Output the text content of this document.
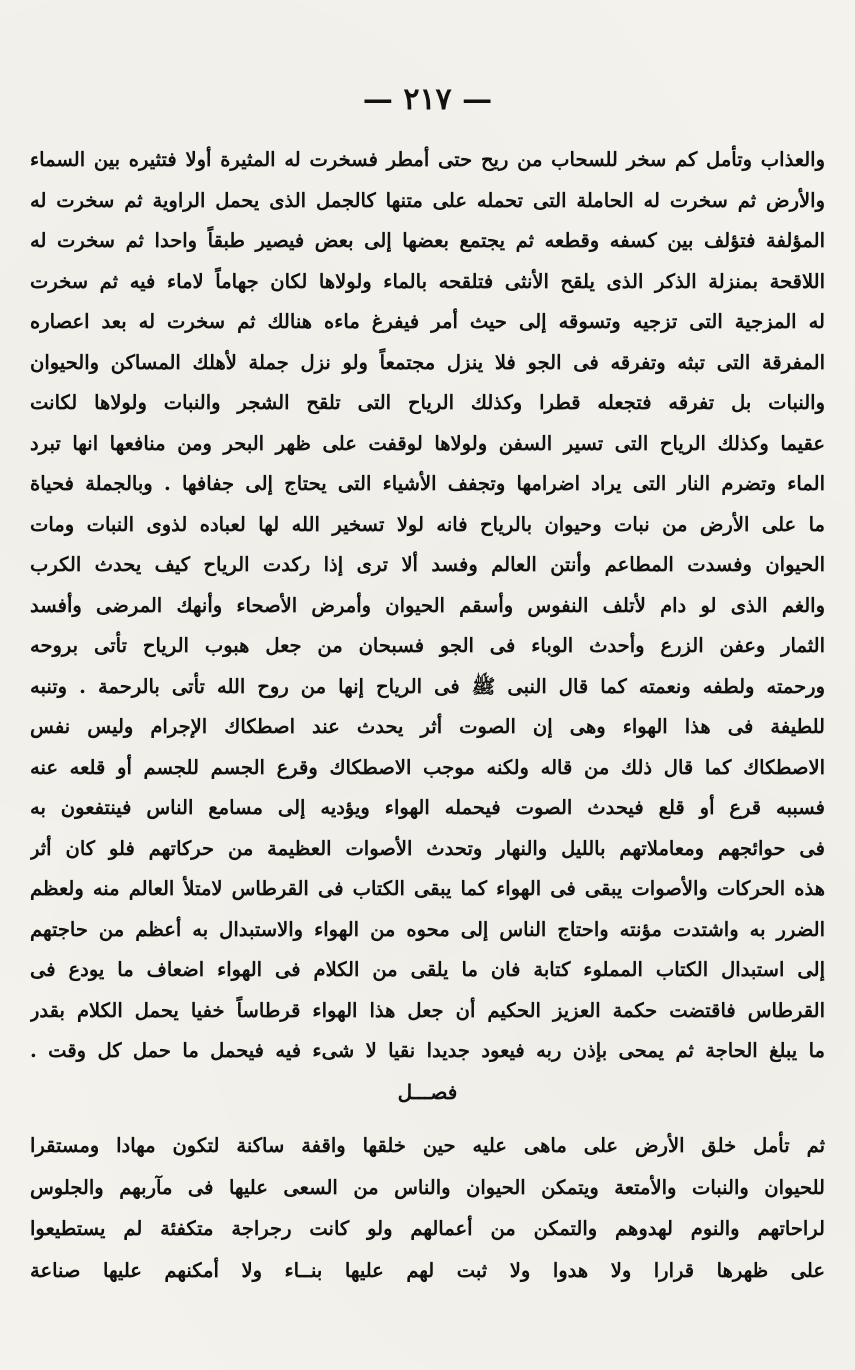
— ٢١٧ —
والعذاب وتأمل كم سخر للسحاب من ريح حتى أمطر فسخرت له المثيرة أولا فتثيره بين السماء
والأرض ثم سخرت له الحاملة التى تحمله على متنها كالجمل الذى يحمل الراوية ثم سخرت له
المؤلفة فتؤلف بين كسفه وقطعه ثم يجتمع بعضها إلى بعض فيصير طبقاً واحدا ثم سخرت له
اللاقحة بمنزلة الذكر الذى يلقح الأنثى فتلقحه بالماء ولولاها لكان جهاماً لاماء فيه ثم سخرت
له المزجية التى تزجيه وتسوقه إلى حيث أمر فيفرغ ماءه هنالك ثم سخرت له بعد اعصاره
المفرقة التى تبثه وتفرقه فى الجو فلا ينزل مجتمعاً ولو نزل جملة لأهلك المساكن والحيوان
والنبات بل تفرقه فتجعله قطرا وكذلك الرياح التى تلقح الشجر والنبات ولولاها لكانت
عقيما وكذلك الرياح التى تسير السفن ولولاها لوقفت على ظهر البحر ومن منافعها انها تبرد
الماء وتضرم النار التى يراد اضرامها وتجفف الأشياء التى يحتاج إلى جفافها . وبالجملة فحياة
ما على الأرض من نبات وحيوان بالرياح فانه لولا تسخير الله لها لعباده لذوى النبات ومات
الحيوان وفسدت المطاعم وأنتن العالم وفسد ألا ترى إذا ركدت الرياح كيف يحدث الكرب
والغم الذى لو دام لأتلف النفوس وأسقم الحيوان وأمرض الأصحاء وأنهك المرضى وأفسد
الثمار وعفن الزرع وأحدث الوباء فى الجو فسبحان من جعل هبوب الرياح تأتى بروحه
ورحمته ولطفه ونعمته كما قال النبى ﷺ فى الرياح إنها من روح الله تأتى بالرحمة . وتنبه
للطيفة فى هذا الهواء وهى إن الصوت أثر يحدث عند اصطكاك الإجرام وليس نفس
الاصطكاك كما قال ذلك من قاله ولكنه موجب الاصطكاك وقرع الجسم للجسم أو قلعه عنه
فسببه قرع أو قلع فيحدث الصوت فيحمله الهواء ويؤديه إلى مسامع الناس فينتفعون به
فى حوائجهم ومعاملاتهم بالليل والنهار وتحدث الأصوات العظيمة من حركاتهم فلو كان أثر
هذه الحركات والأصوات يبقى فى الهواء كما يبقى الكتاب فى القرطاس لامتلأ العالم منه ولعظم
الضرر به واشتدت مؤنته واحتاج الناس إلى محوه من الهواء والاستبدال به أعظم من حاجتهم
إلى استبدال الكتاب المملوء كتابة فان ما يلقى من الكلام فى الهواء اضعاف ما يودع فى
القرطاس فاقتضت حكمة العزيز الحكيم أن جعل هذا الهواء قرطاساً خفيا يحمل الكلام بقدر
ما يبلغ الحاجة ثم يمحى بإذن ربه فيعود جديدا نقيا لا شىء فيه فيحمل ما حمل كل وقت .
فصـــل
ثم تأمل خلق الأرض على ماهى عليه حين خلقها واقفة ساكنة لتكون مهادا ومستقرا
للحيوان والنبات والأمتعة ويتمكن الحيوان والناس من السعى عليها فى مآربهم والجلوس
لراحاتهم والنوم لهدوهم والتمكن من أعمالهم ولو كانت رجراجة متكفئة لم يستطيعوا
على ظهرها قرارا ولا هدوا ولا ثبت لهم عليها بنــاء ولا أمكنهم عليها صناعة
